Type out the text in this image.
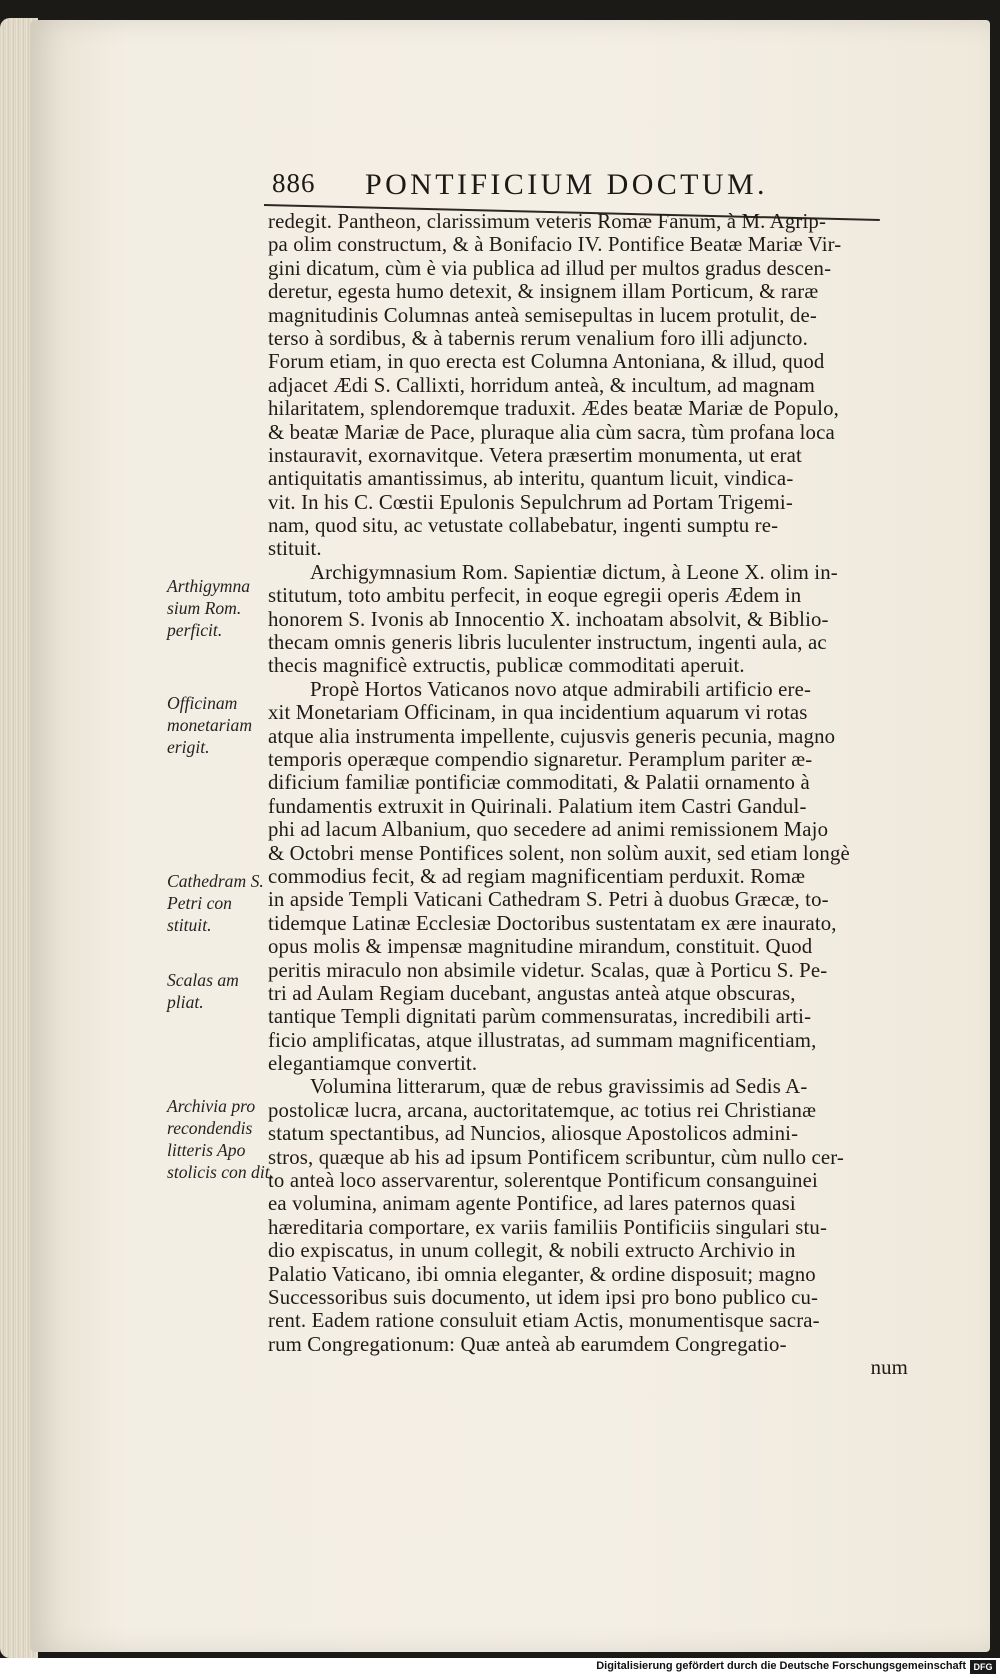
886 PONTIFICIUM DOCTUM.
redegit. Pantheon, clarissimum veteris Romæ Fanum, à M. Agrip-
pa olim constructum, & à Bonifacio IV. Pontifice Beatæ Mariæ Vir-
gini dicatum, cùm è via publica ad illud per multos gradus descen-
deretur, egesta humo detexit, & insignem illam Porticum, & raræ
magnitudinis Columnas anteà semisepultas in lucem protulit, de-
terso à sordibus, & à tabernis rerum venalium foro illi adjuncto.
Forum etiam, in quo erecta est Columna Antoniana, & illud, quod
adjacet Ædi S. Callixti, horridum anteà, & incultum, ad magnam
hilaritatem, splendoremque traduxit. Ædes beatæ Mariæ de Populo,
& beatæ Mariæ de Pace, pluraque alia cùm sacra, tùm profana loca
instauravit, exornavitque. Vetera præsertim monumenta, ut erat
antiquitatis amantissimus, ab interitu, quantum licuit, vindica-
vit. In his C. Cœstii Epulonis Sepulchrum ad Portam Trigemi-
nam, quod situ, ac vetustate collabebatur, ingenti sumptu re-
stituit.
Archigymnasium Rom. Sapientiæ dictum, à Leone X. olim in-
stitutum, toto ambitu perfecit, in eoque egregii operis Ædem in
honorem S. Ivonis ab Innocentio X. inchoatam absolvit, & Biblio-
thecam omnis generis libris luculenter instructum, ingenti aula, ac
thecis magnificè extructis, publicæ commoditati aperuit.
Propè Hortos Vaticanos novo atque admirabili artificio ere-
xit Monetariam Officinam, in qua incidentium aquarum vi rotas
atque alia instrumenta impellente, cujusvis generis pecunia, magno
temporis operæque compendio signaretur. Peramplum pariter æ-
dificium familiæ pontificiæ commoditati, & Palatii ornamento à
fundamentis extruxit in Quirinali. Palatium item Castri Gandul-
phi ad lacum Albanium, quo secedere ad animi remissionem Majo
& Octobri mense Pontifices solent, non solùm auxit, sed etiam longè
commodius fecit, & ad regiam magnificentiam perduxit. Romæ
in apside Templi Vaticani Cathedram S. Petri à duobus Græcæ, to-
tidemque Latinæ Ecclesiæ Doctoribus sustentatam ex ære inaurato,
opus molis & impensæ magnitudine mirandum, constituit. Quod
peritis miraculo non absimile videtur. Scalas, quæ à Porticu S. Pe-
tri ad Aulam Regiam ducebant, angustas anteà atque obscuras,
tantique Templi dignitati parùm commensuratas, incredibili arti-
ficio amplificatas, atque illustratas, ad summam magnificentiam,
elegantiamque convertit.
Volumina litterarum, quæ de rebus gravissimis ad Sedis A-
postolicæ lucra, arcana, auctoritatemque, ac totius rei Christianæ
statum spectantibus, ad Nuncios, aliosque Apostolicos admini-
stros, quæque ab his ad ipsum Pontificem scribuntur, cùm nullo cer-
to anteà loco asservarentur, solerentque Pontificum consanguinei
ea volumina, animam agente Pontifice, ad lares paternos quasi
hæreditaria comportare, ex variis familiis Pontificiis singulari stu-
dio expiscatus, in unum collegit, & nobili extructo Archivio in
Palatio Vaticano, ibi omnia eleganter, & ordine disposuit; magno
Successoribus suis documento, ut idem ipsi pro bono publico cu-
rent. Eadem ratione consuluit etiam Actis, monumentisque sacra-
rum Congregationum: Quæ anteà ab earumdem Congregatio-
num
Arthigymna sium Rom. perficit.
Officinam monetariam erigit.
Cathedram S. Petri con stituit.
Scalas am pliat.
Archivia pro recondendis litteris Apo stolicis con dit.
Digitalisierung gefördert durch die Deutsche Forschungsgemeinschaft DFG
